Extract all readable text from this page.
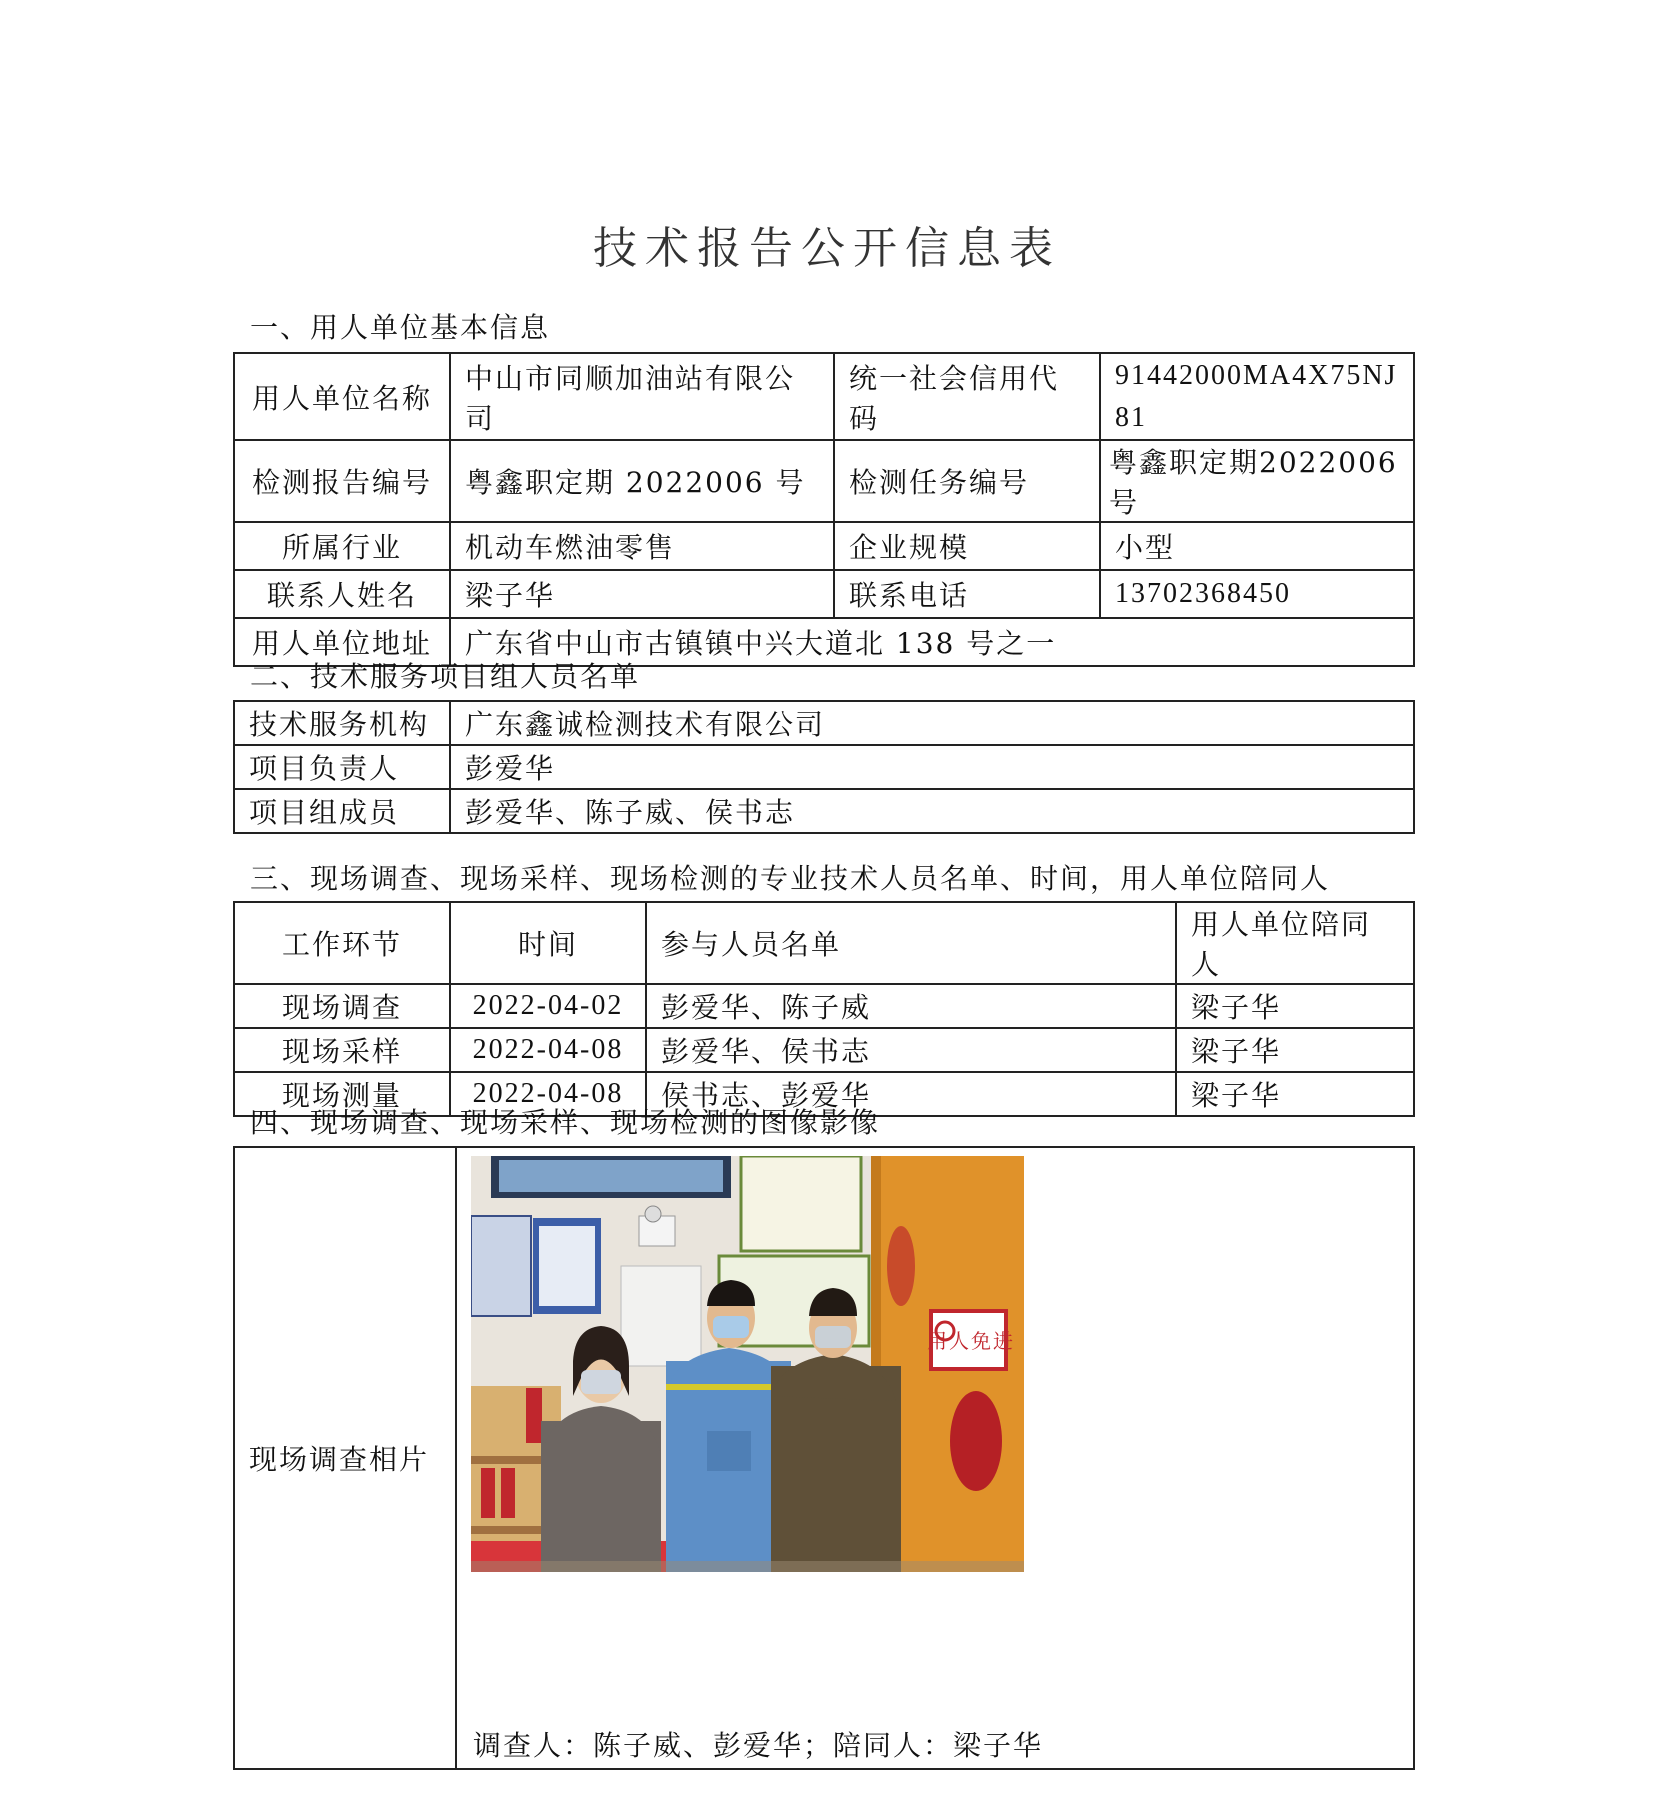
技术报告公开信息表
一、用人单位基本信息
用人单位名称	中山市同顺加油站有限公司	统一社会信用代码	91442000MA4X75NJ81
检测报告编号	粤鑫职定期 2022006 号	检测任务编号	粤鑫职定期2022006号
所属行业	机动车燃油零售	企业规模	小型
联系人姓名	梁子华	联系电话	13702368450
用人单位地址	广东省中山市古镇镇中兴大道北 138 号之一		
二、技术服务项目组人员名单
技术服务机构	广东鑫诚检测技术有限公司
项目负责人	彭爱华
项目组成员	彭爱华、陈子威、侯书志
三、现场调查、现场采样、现场检测的专业技术人员名单、时间，用人单位陪同人
工作环节	时间	参与人员名单	用人单位陪同人
现场调查	2022-04-02	彭爱华、陈子威	梁子华
现场采样	2022-04-08	彭爱华、侯书志	梁子华
现场测量	2022-04-08	侯书志、彭爱华	梁子华
四、现场调查、现场采样、现场检测的图像影像
现场调查相片	
用人免进
调查人：陈子威、彭爱华；陪同人：梁子华
